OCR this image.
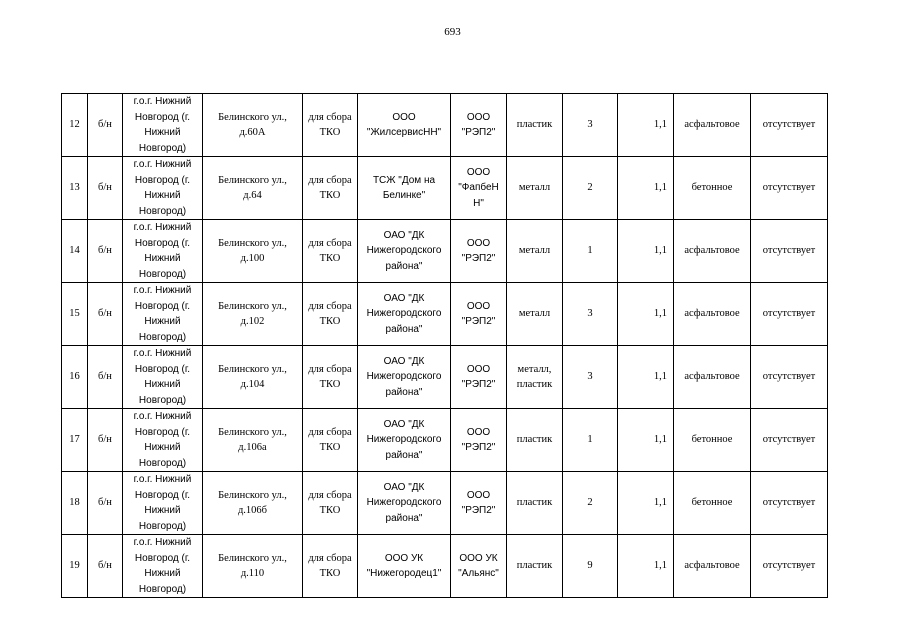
693
12	б/н	г.о.г. Нижний
Новгород (г.
Нижний
Новгород)	Белинского ул.,
д.60А	для сбора
ТКО	ООО
"ЖилсервисНН"	ООО
"РЭП2"	пластик	3	1,1	асфальтовое	отсутствует
13	б/н	г.о.г. Нижний
Новгород (г.
Нижний
Новгород)	Белинского ул.,
д.64	для сбора
ТКО	ТСЖ "Дом на
Белинке"	ООО
"ФапбеН
Н"	металл	2	1,1	бетонное	отсутствует
14	б/н	г.о.г. Нижний
Новгород (г.
Нижний
Новгород)	Белинского ул.,
д.100	для сбора
ТКО	ОАО "ДК
Нижегородского
района"	ООО
"РЭП2"	металл	1	1,1	асфальтовое	отсутствует
15	б/н	г.о.г. Нижний
Новгород (г.
Нижний
Новгород)	Белинского ул.,
д.102	для сбора
ТКО	ОАО "ДК
Нижегородского
района"	ООО
"РЭП2"	металл	3	1,1	асфальтовое	отсутствует
16	б/н	г.о.г. Нижний
Новгород (г.
Нижний
Новгород)	Белинского ул.,
д.104	для сбора
ТКО	ОАО "ДК
Нижегородского
района"	ООО
"РЭП2"	металл,
пластик	3	1,1	асфальтовое	отсутствует
17	б/н	г.о.г. Нижний
Новгород (г.
Нижний
Новгород)	Белинского ул.,
д.106а	для сбора
ТКО	ОАО "ДК
Нижегородского
района"	ООО
"РЭП2"	пластик	1	1,1	бетонное	отсутствует
18	б/н	г.о.г. Нижний
Новгород (г.
Нижний
Новгород)	Белинского ул.,
д.106б	для сбора
ТКО	ОАО "ДК
Нижегородского
района"	ООО
"РЭП2"	пластик	2	1,1	бетонное	отсутствует
19	б/н	г.о.г. Нижний
Новгород (г.
Нижний
Новгород)	Белинского ул.,
д.110	для сбора
ТКО	ООО УК
"Нижегородец1"	ООО УК
"Альянс"	пластик	9	1,1	асфальтовое	отсутствует
